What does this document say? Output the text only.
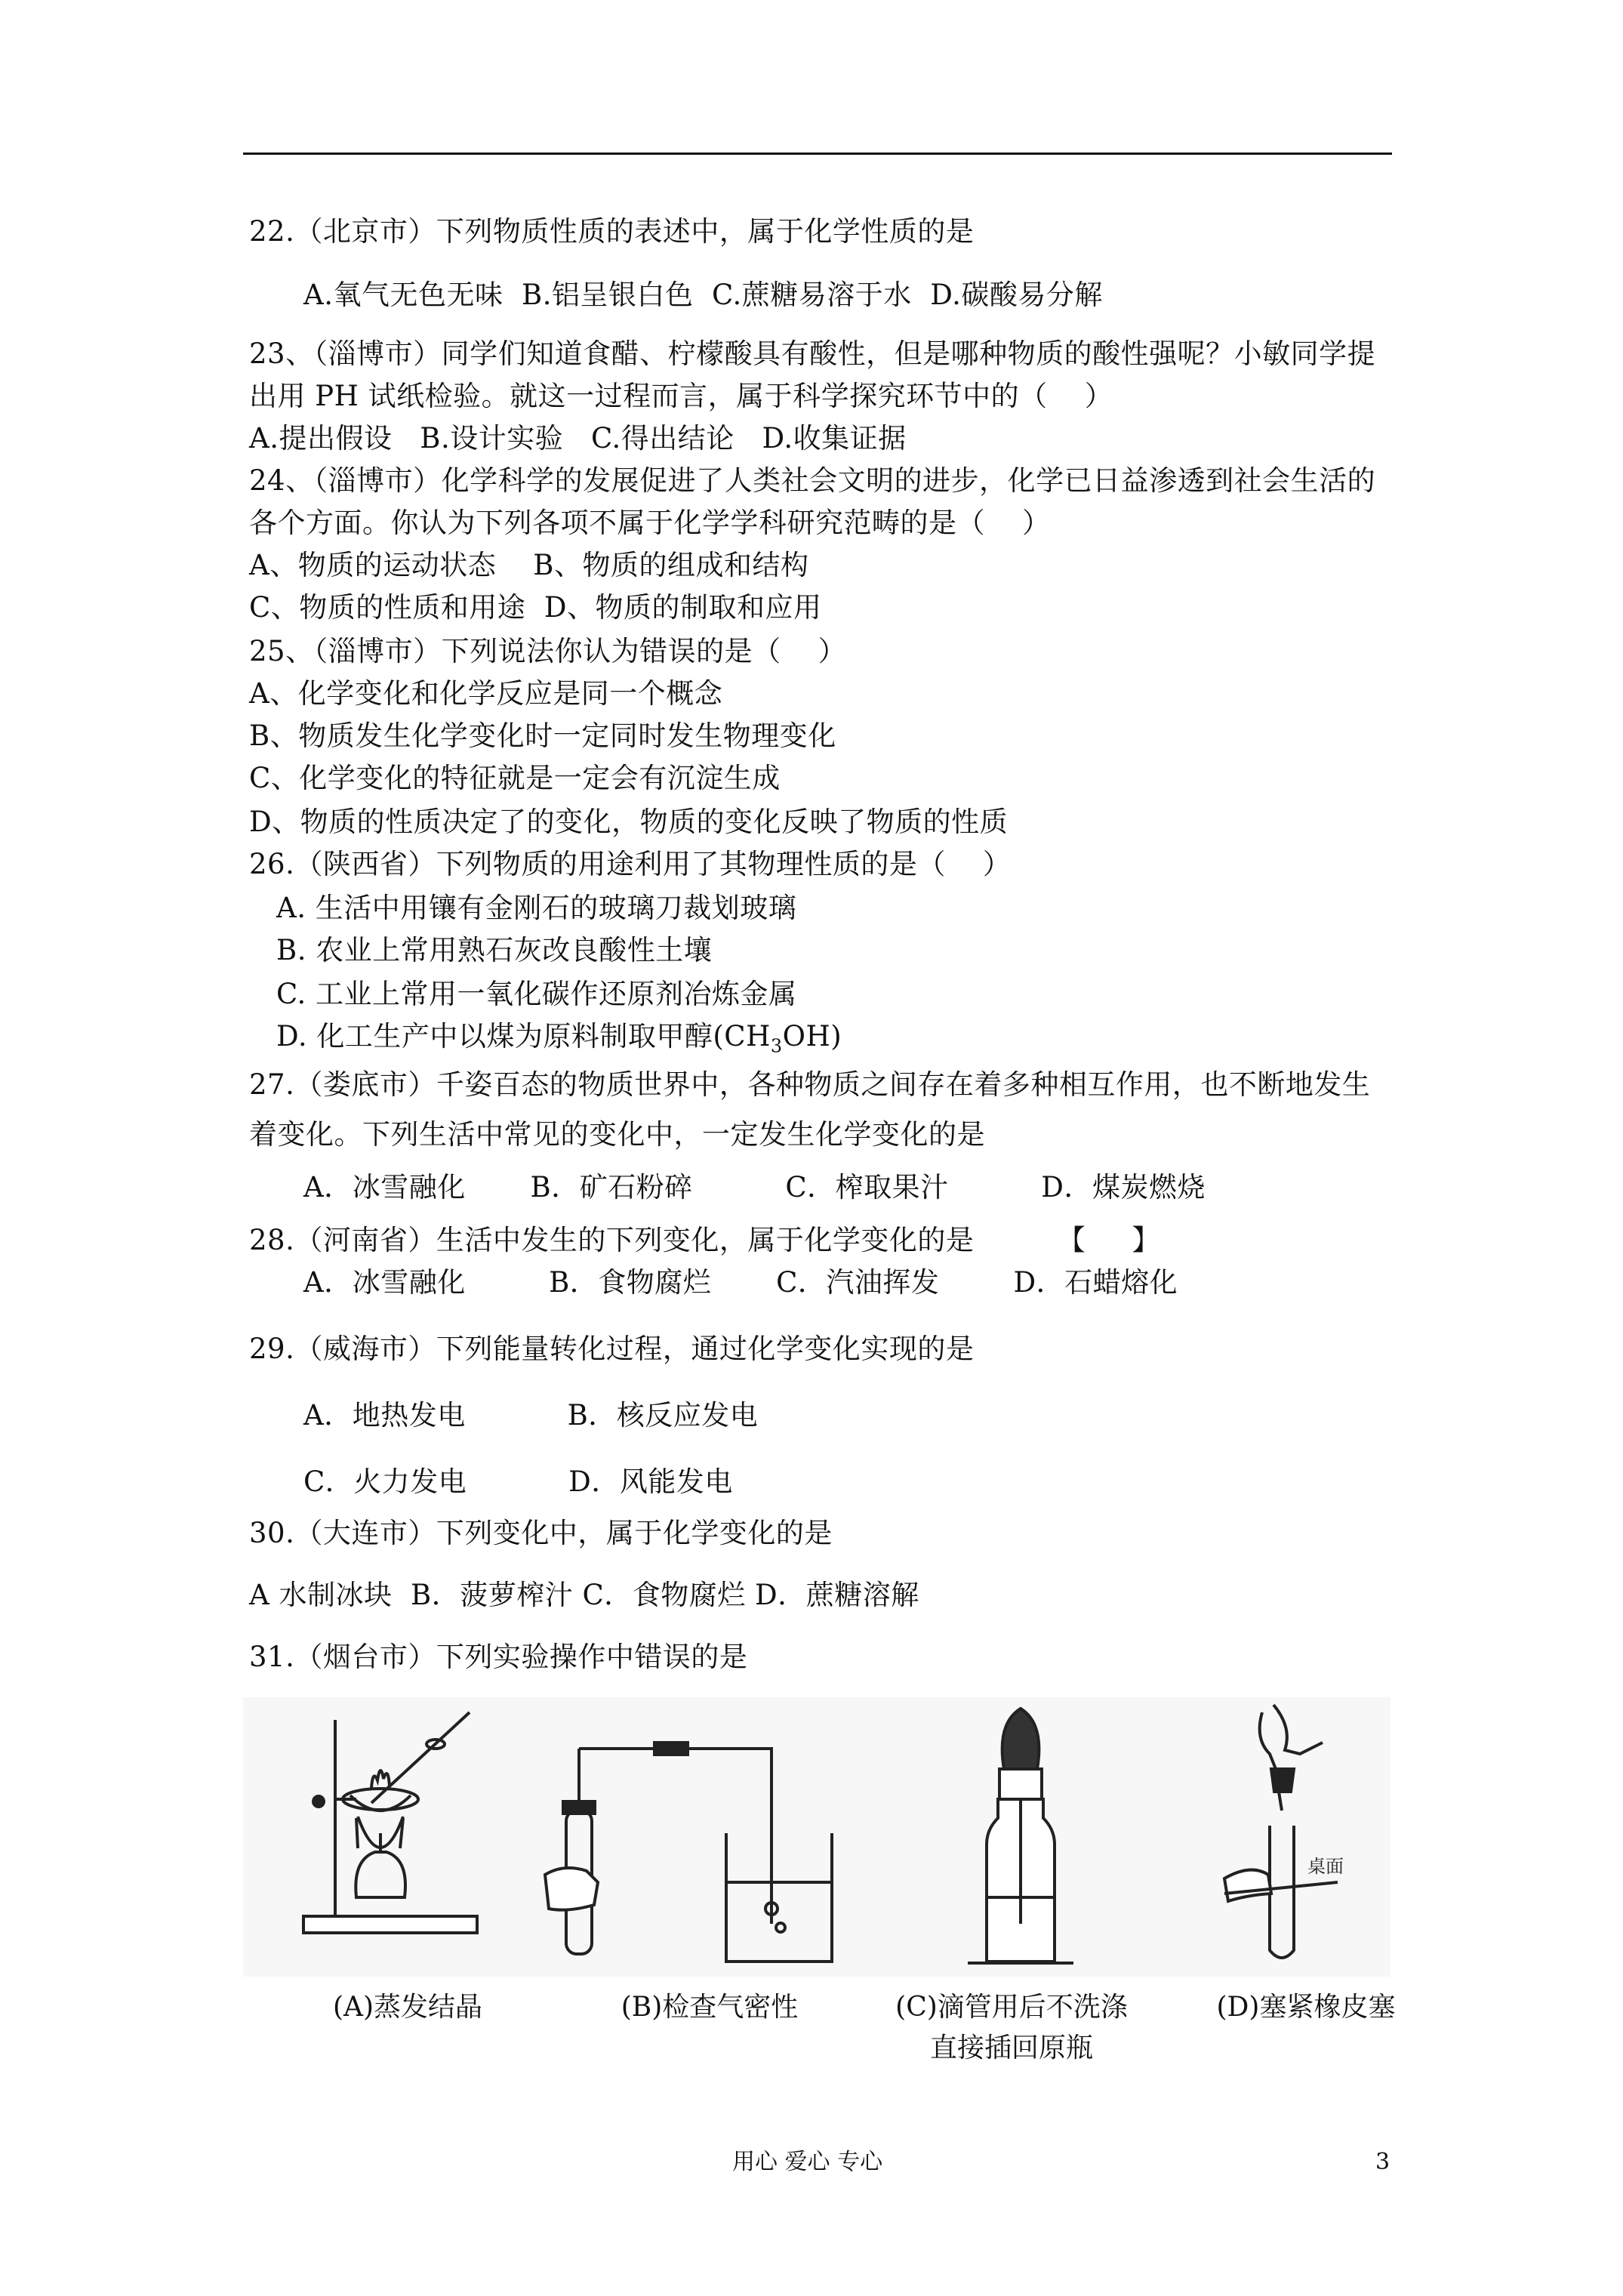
22.（北京市）下列物质性质的表述中，属于化学性质的是
A.氧气无色无味  B.铝呈银白色  C.蔗糖易溶于水  D.碳酸易分解
23、（淄博市）同学们知道食醋、柠檬酸具有酸性，但是哪种物质的酸性强呢？小敏同学提
出用 PH 试纸检验。就这一过程而言，属于科学探究环节中的（    ）
A.提出假设   B.设计实验   C.得出结论   D.收集证据
24、（淄博市）化学科学的发展促进了人类社会文明的进步，化学已日益渗透到社会生活的
各个方面。你认为下列各项不属于化学学科研究范畴的是（    ）
A、物质的运动状态    B、物质的组成和结构
C、物质的性质和用途  D、物质的制取和应用
25、（淄博市）下列说法你认为错误的是（    ）
A、化学变化和化学反应是同一个概念
B、物质发生化学变化时一定同时发生物理变化
C、化学变化的特征就是一定会有沉淀生成
D、物质的性质决定了的变化，物质的变化反映了物质的性质
26.（陕西省）下列物质的用途利用了其物理性质的是（    ）
A. 生活中用镶有金刚石的玻璃刀裁划玻璃
B. 农业上常用熟石灰改良酸性土壤
C. 工业上常用一氧化碳作还原剂冶炼金属
D. 化工生产中以煤为原料制取甲醇$(CH_3OH)$
27.（娄底市）千姿百态的物质世界中，各种物质之间存在着多种相互作用，也不断地发生
着变化。下列生活中常见的变化中，一定发生化学变化的是
A．冰雪融化       B．矿石粉碎          C．榨取果汁          D．煤炭燃烧
28.（河南省）生活中发生的下列变化，属于化学变化的是         【     】
A．冰雪融化         B．食物腐烂       C．汽油挥发        D．石蜡熔化
29.（威海市）下列能量转化过程，通过化学变化实现的是
A．地热发电           B．核反应发电
C．火力发电           D．风能发电
30.（大连市）下列变化中，属于化学变化的是
A 水制冰块  B．菠萝榨汁 C．食物腐烂 D．蔗糖溶解
31.（烟台市）下列实验操作中错误的是
桌面
(A)蒸发结晶	(B)检查气密性	(C)滴管用后不洗涤
直接插回原瓶
(D)塞紧橡皮塞
用心 爱心 专心	3
